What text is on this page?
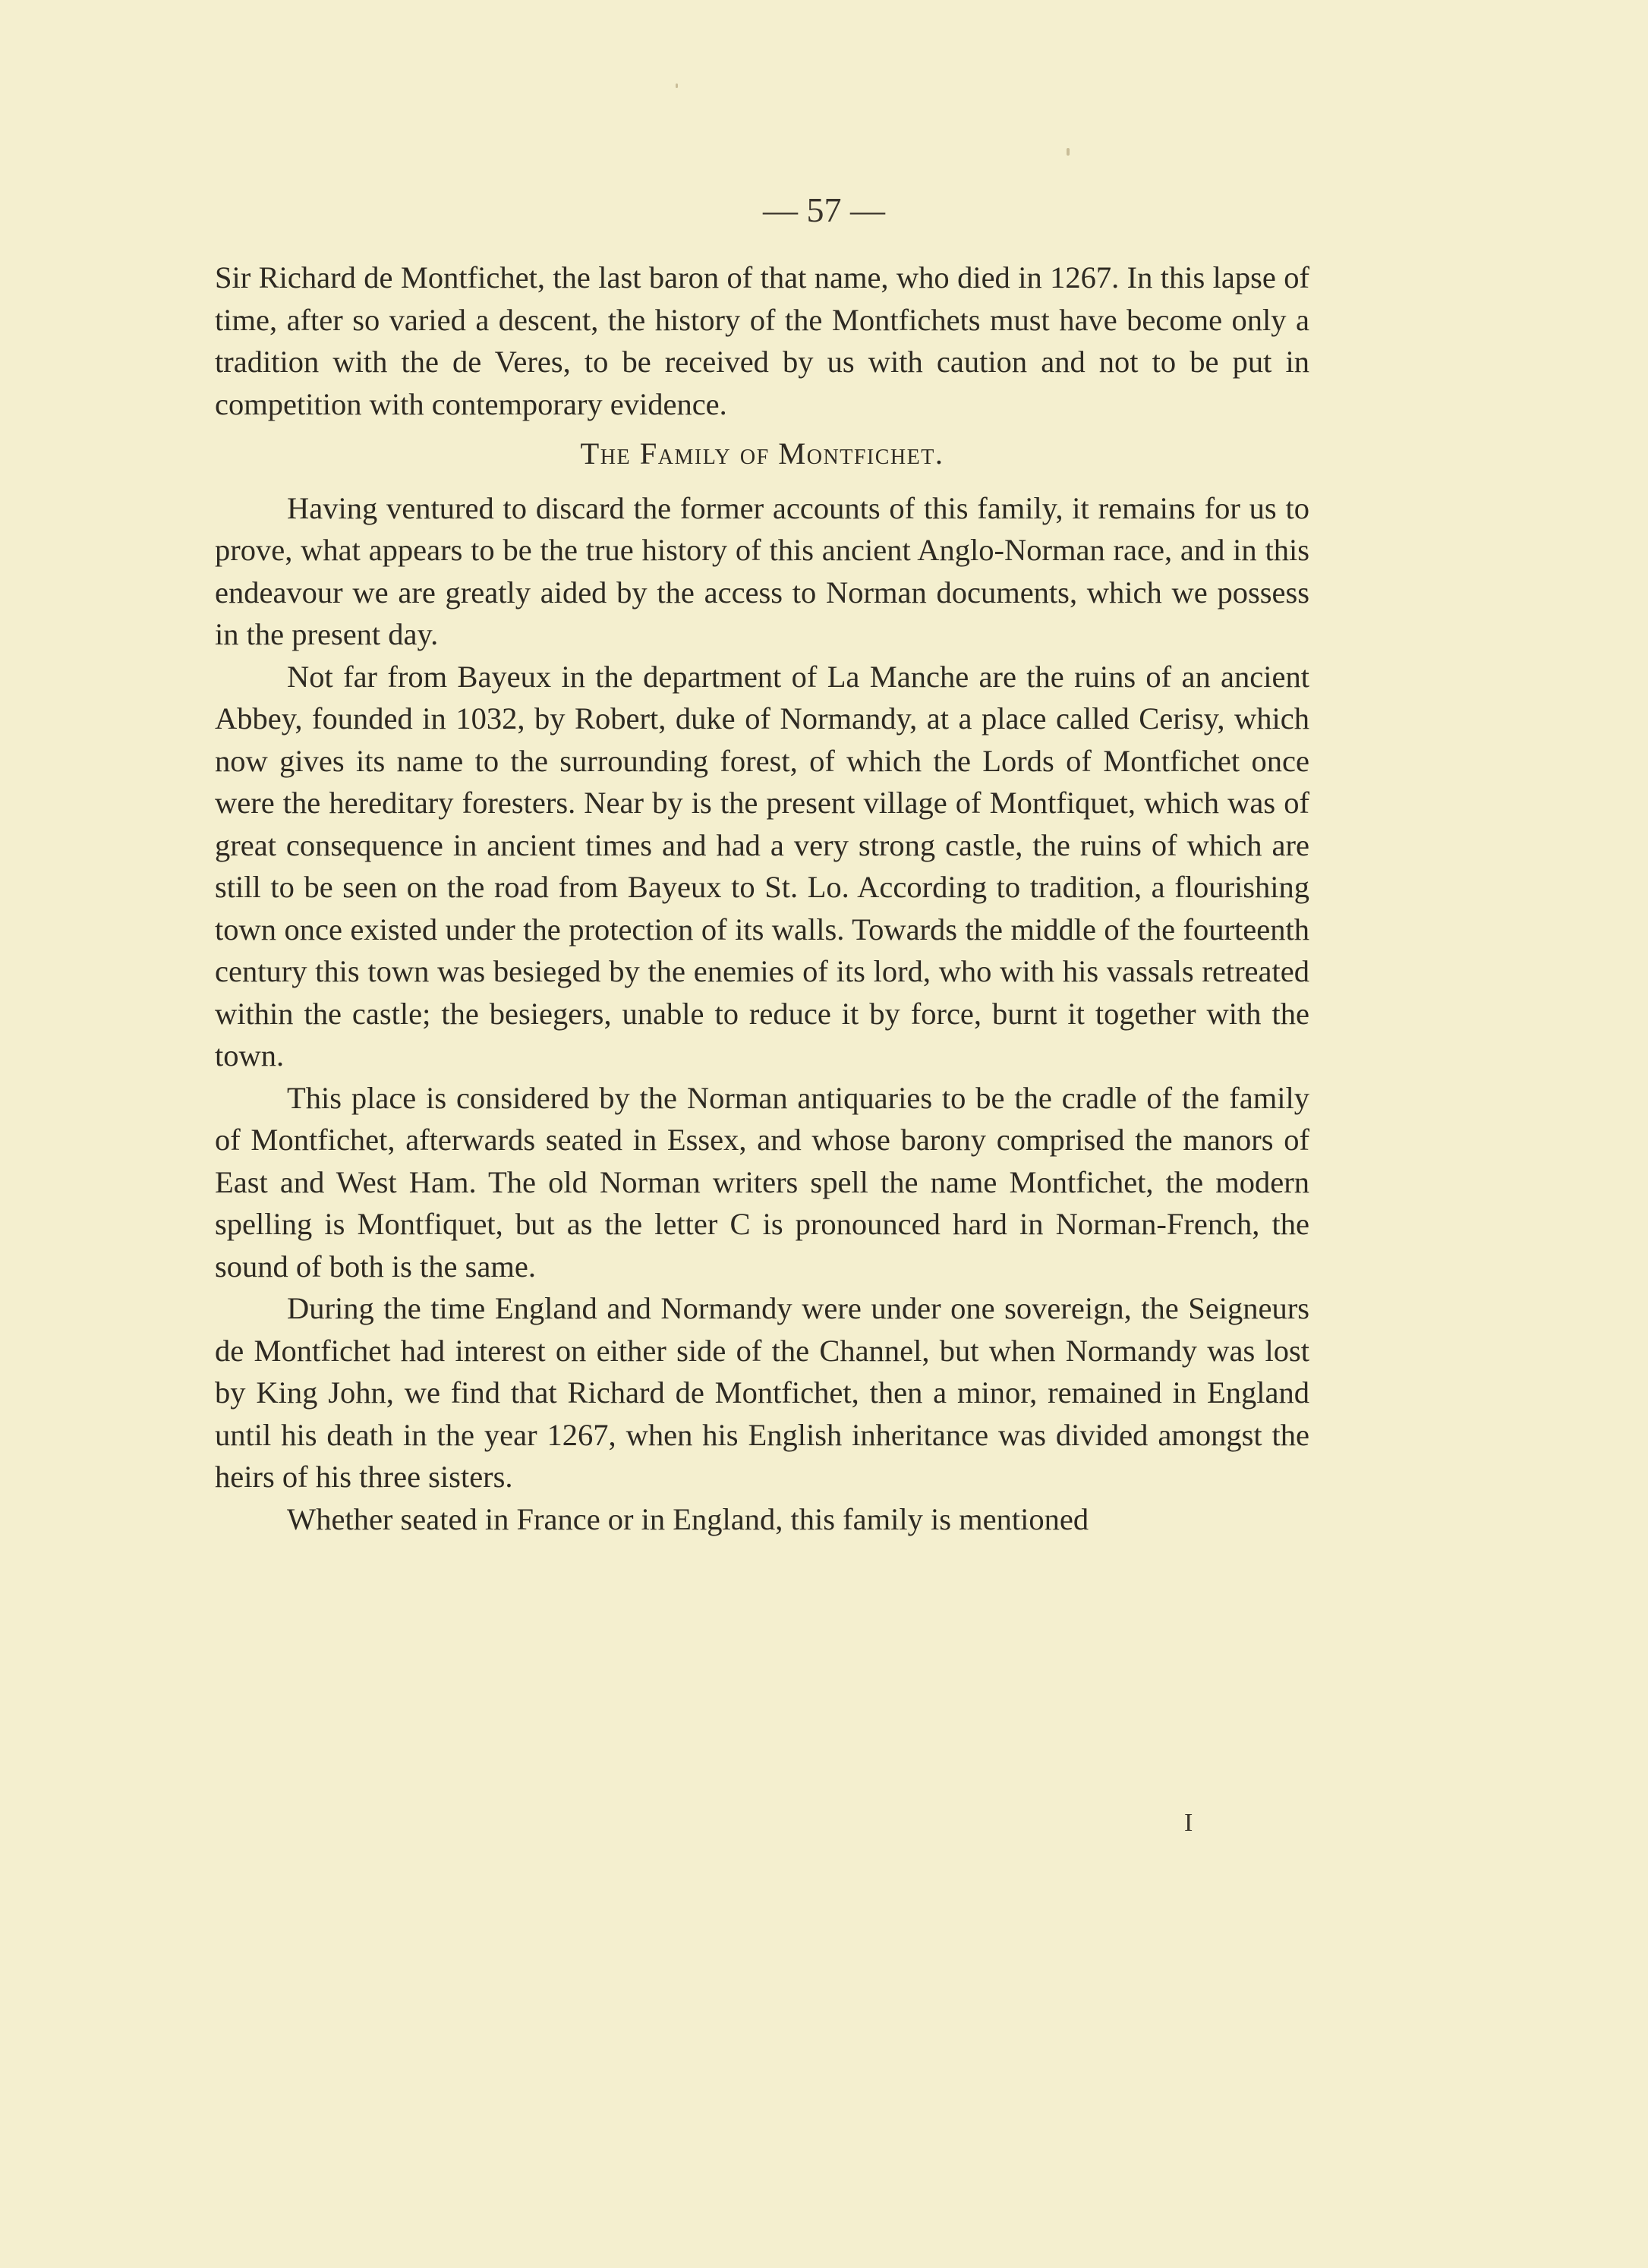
— 57 —

Sir Richard de Montfichet, the last baron of that name, who died in 1267. In this lapse of time, after so varied a descent, the history of the Montfichets must have become only a tradition with the de Veres, to be received by us with caution and not to be put in competition with contemporary evidence.

The Family of Montfichet.

Having ventured to discard the former accounts of this family, it remains for us to prove, what appears to be the true history of this ancient Anglo-Norman race, and in this endeavour we are greatly aided by the access to Norman documents, which we possess in the present day.

Not far from Bayeux in the department of La Manche are the ruins of an ancient Abbey, founded in 1032, by Robert, duke of Normandy, at a place called Cerisy, which now gives its name to the surrounding forest, of which the Lords of Montfichet once were the hereditary foresters. Near by is the present village of Montfiquet, which was of great consequence in ancient times and had a very strong castle, the ruins of which are still to be seen on the road from Bayeux to St. Lo. According to tradition, a flourishing town once existed under the protection of its walls. Towards the middle of the fourteenth century this town was besieged by the enemies of its lord, who with his vassals retreated within the castle; the besiegers, unable to reduce it by force, burnt it together with the town.

This place is considered by the Norman antiquaries to be the cradle of the family of Montfichet, afterwards seated in Essex, and whose barony comprised the manors of East and West Ham. The old Norman writers spell the name Montfichet, the modern spelling is Montfiquet, but as the letter C is pronounced hard in Norman-French, the sound of both is the same.

During the time England and Normandy were under one sovereign, the Seigneurs de Montfichet had interest on either side of the Channel, but when Normandy was lost by King John, we find that Richard de Montfichet, then a minor, remained in England until his death in the year 1267, when his English inheritance was divided amongst the heirs of his three sisters.

Whether seated in France or in England, this family is mentioned

I
